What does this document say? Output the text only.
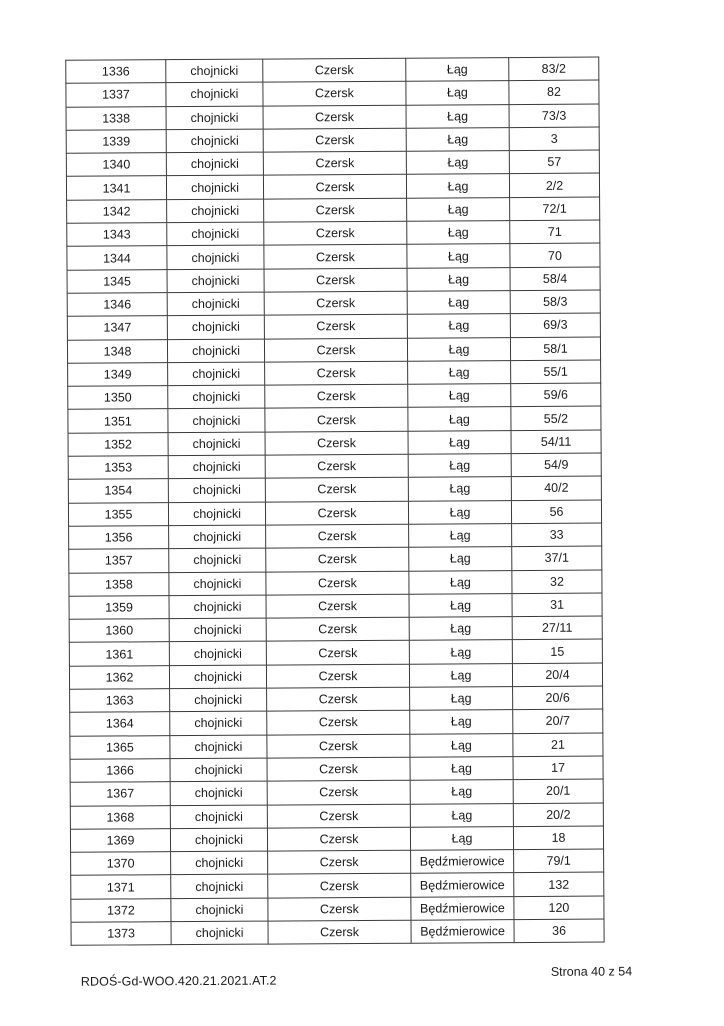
1336	chojnicki	Czersk	Łąg	83/2
1337	chojnicki	Czersk	Łąg	82
1338	chojnicki	Czersk	Łąg	73/3
1339	chojnicki	Czersk	Łąg	3
1340	chojnicki	Czersk	Łąg	57
1341	chojnicki	Czersk	Łąg	2/2
1342	chojnicki	Czersk	Łąg	72/1
1343	chojnicki	Czersk	Łąg	71
1344	chojnicki	Czersk	Łąg	70
1345	chojnicki	Czersk	Łąg	58/4
1346	chojnicki	Czersk	Łąg	58/3
1347	chojnicki	Czersk	Łąg	69/3
1348	chojnicki	Czersk	Łąg	58/1
1349	chojnicki	Czersk	Łąg	55/1
1350	chojnicki	Czersk	Łąg	59/6
1351	chojnicki	Czersk	Łąg	55/2
1352	chojnicki	Czersk	Łąg	54/11
1353	chojnicki	Czersk	Łąg	54/9
1354	chojnicki	Czersk	Łąg	40/2
1355	chojnicki	Czersk	Łąg	56
1356	chojnicki	Czersk	Łąg	33
1357	chojnicki	Czersk	Łąg	37/1
1358	chojnicki	Czersk	Łąg	32
1359	chojnicki	Czersk	Łąg	31
1360	chojnicki	Czersk	Łąg	27/11
1361	chojnicki	Czersk	Łąg	15
1362	chojnicki	Czersk	Łąg	20/4
1363	chojnicki	Czersk	Łąg	20/6
1364	chojnicki	Czersk	Łąg	20/7
1365	chojnicki	Czersk	Łąg	21
1366	chojnicki	Czersk	Łąg	17
1367	chojnicki	Czersk	Łąg	20/1
1368	chojnicki	Czersk	Łąg	20/2
1369	chojnicki	Czersk	Łąg	18
1370	chojnicki	Czersk	Będźmierowice	79/1
1371	chojnicki	Czersk	Będźmierowice	132
1372	chojnicki	Czersk	Będźmierowice	120
1373	chojnicki	Czersk	Będźmierowice	36
RDOŚ-Gd-WOO.420.21.2021.AT.2
Strona 40 z 54
